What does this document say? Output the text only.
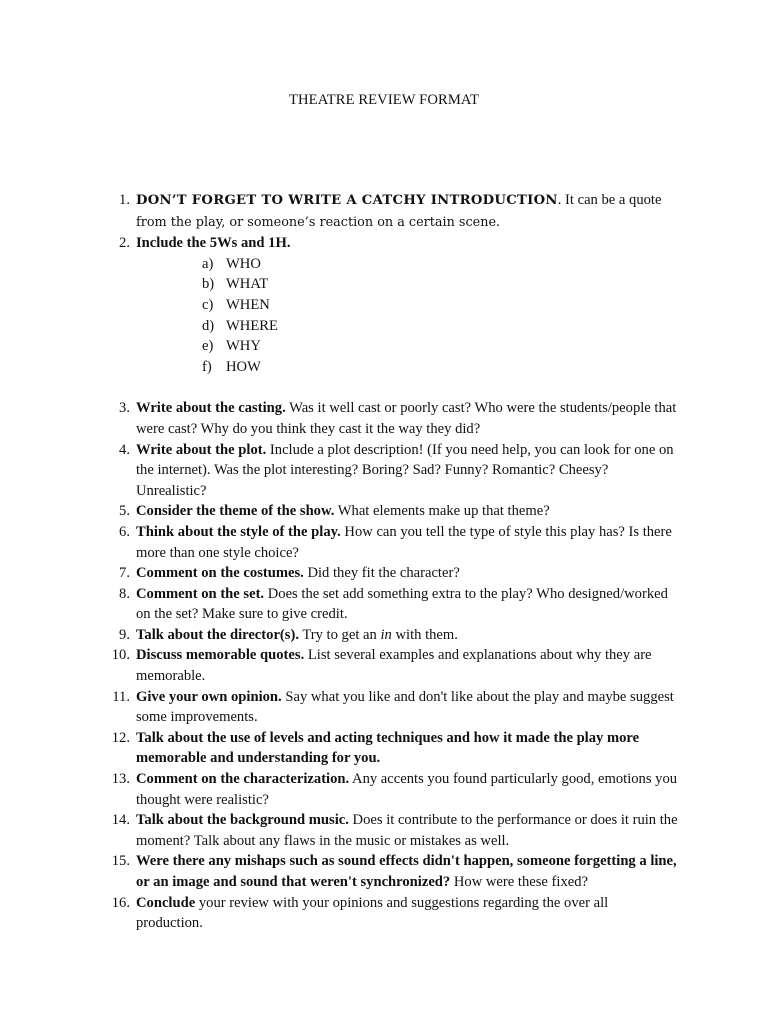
THEATRE REVIEW FORMAT
1. DON’T FORGET TO WRITE A CATCHY INTRODUCTION. It can be a quote from the play, or someone’s reaction on a certain scene.
2. Include the 5Ws and 1H.
a) WHO
b) WHAT
c) WHEN
d) WHERE
e) WHY
f) HOW
3. Write about the casting. Was it well cast or poorly cast? Who were the students/people that were cast? Why do you think they cast it the way they did?
4. Write about the plot. Include a plot description! (If you need help, you can look for one on the internet). Was the plot interesting? Boring? Sad? Funny? Romantic? Cheesy? Unrealistic?
5. Consider the theme of the show. What elements make up that theme?
6. Think about the style of the play. How can you tell the type of style this play has? Is there more than one style choice?
7. Comment on the costumes. Did they fit the character?
8. Comment on the set. Does the set add something extra to the play? Who designed/worked on the set? Make sure to give credit.
9. Talk about the director(s). Try to get an in with them.
10. Discuss memorable quotes. List several examples and explanations about why they are memorable.
11. Give your own opinion. Say what you like and don't like about the play and maybe suggest some improvements.
12. Talk about the use of levels and acting techniques and how it made the play more memorable and understanding for you.
13. Comment on the characterization. Any accents you found particularly good, emotions you thought were realistic?
14. Talk about the background music. Does it contribute to the performance or does it ruin the moment? Talk about any flaws in the music or mistakes as well.
15. Were there any mishaps such as sound effects didn't happen, someone forgetting a line, or an image and sound that weren't synchronized? How were these fixed?
16. Conclude your review with your opinions and suggestions regarding the over all production.
